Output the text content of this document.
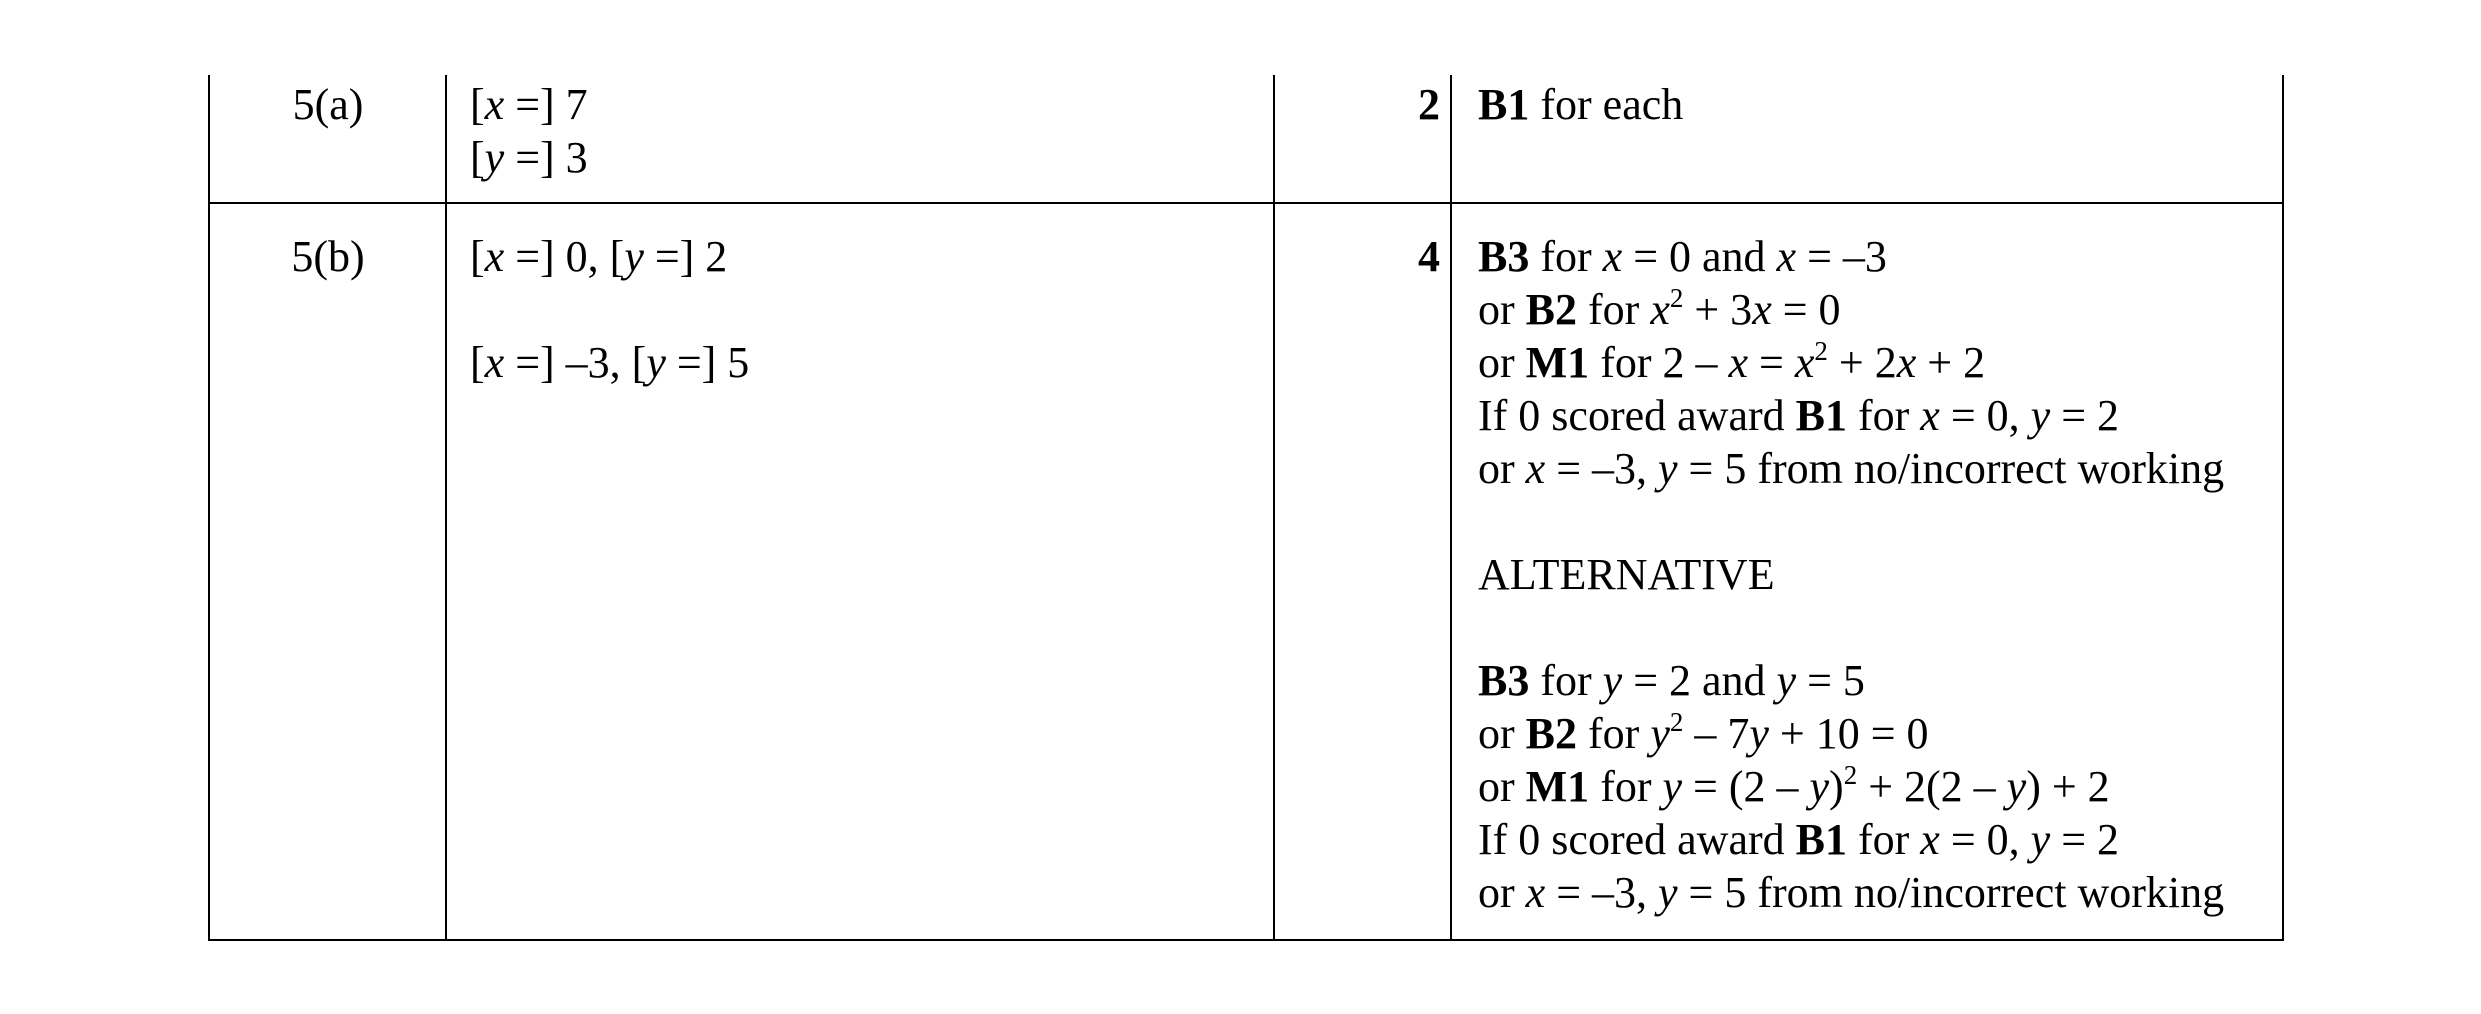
5(a)	[x =] 7
[y =] 3
2 B1 for each
5(b)	[x =] 0, [y =] 2
[x =] –3, [y =] 5
4 B3 for x = 0 and x = –3
or B2 for $x^2 + 3x = 0$
or M1 for $2 - x = x^2 + 2x + 2$
If 0 scored award B1 for x = 0, y = 2
or x = –3, y = 5 from no/incorrect working
ALTERNATIVE
B3 for y = 2 and y = 5
or B2 for $y^2 - 7y + 10 = 0$
or M1 for y = (2 – y)$^2$ + 2(2 – y) + 2
If 0 scored award B1 for x = 0, y = 2
or x = –3, y = 5 from no/incorrect working
